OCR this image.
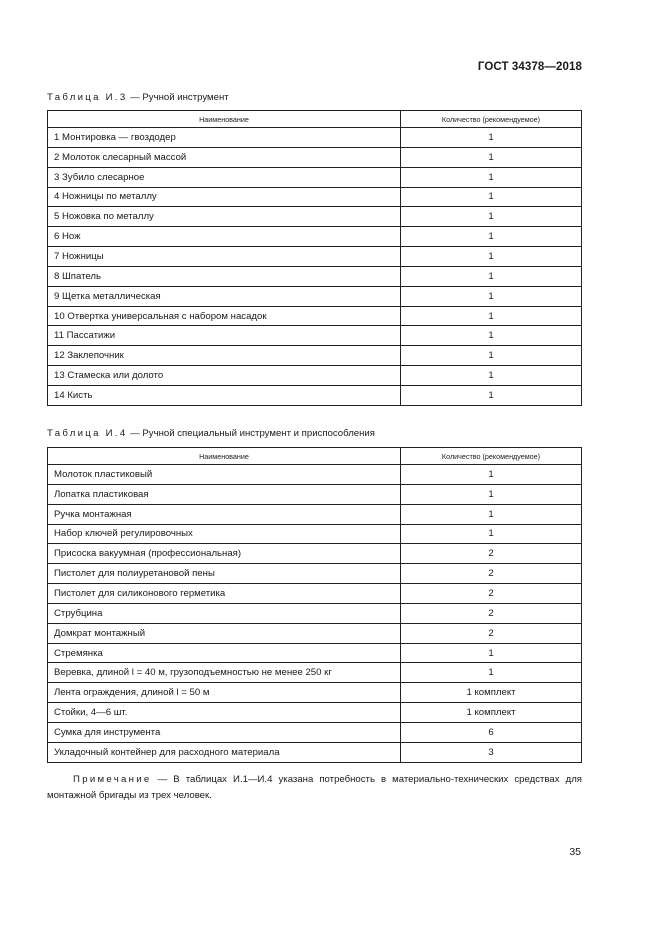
ГОСТ 34378—2018
Таблица И.3 — Ручной инструмент
Наименование	Количество (рекомендуемое)
1 Монтировка — гвоздодер	1
2 Молоток слесарный массой	1
3 Зубило слесарное	1
4 Ножницы по металлу	1
5 Ножовка по металлу	1
6 Нож	1
7 Ножницы	1
8 Шпатель	1
9 Щетка металлическая	1
10 Отвертка универсальная с набором насадок	1
11 Пассатижи	1
12 Заклепочник	1
13 Стамеска или долото	1
14 Кисть	1
Таблица И.4 — Ручной специальный инструмент и приспособления
Наименование	Количество (рекомендуемое)
Молоток пластиковый	1
Лопатка пластиковая	1
Ручка монтажная	1
Набор ключей регулировочных	1
Присоска вакуумная (профессиональная)	2
Пистолет для полиуретановой пены	2
Пистолет для силиконового герметика	2
Струбцина	2
Домкрат монтажный	2
Стремянка	1
Веревка, длиной l = 40 м, грузоподъемностью не менее 250 кг	1
Лента ограждения, длиной l = 50 м	1 комплект
Стойки, 4—6 шт.	1 комплект
Сумка для инструмента	6
Укладочный контейнер для расходного материала	3
Примечание — В таблицах И.1—И.4 указана потребность в материально-технических средствах для монтажной бригады из трех человек.
35
